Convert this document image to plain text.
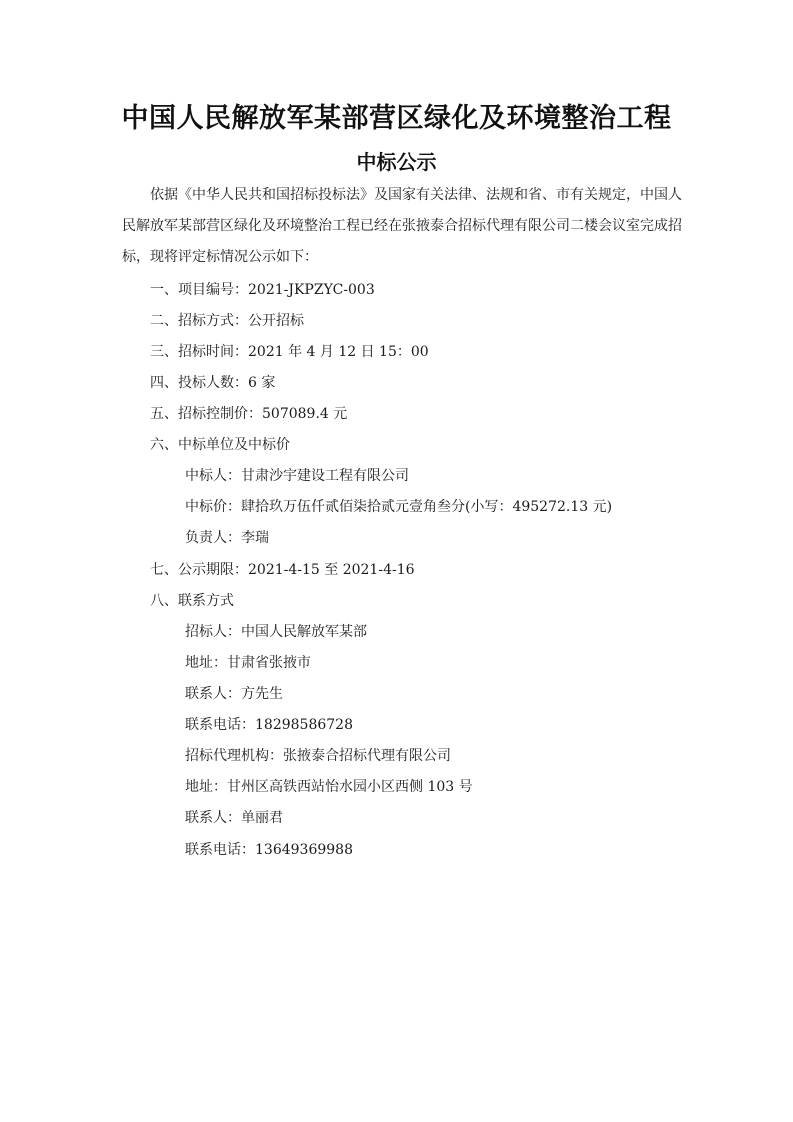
中国人民解放军某部营区绿化及环境整治工程
中标公示
依据《中华人民共和国招标投标法》及国家有关法律、法规和省、市有关规定，中国人民解放军某部营区绿化及环境整治工程已经在张掖泰合招标代理有限公司二楼会议室完成招标，现将评定标情况公示如下：
一、项目编号：2021-JKPZYC-003
二、招标方式：公开招标
三、招标时间：2021 年 4 月 12 日 15：00
四、投标人数：6 家
五、招标控制价：507089.4 元
六、中标单位及中标价
中标人：甘肃沙宇建设工程有限公司
中标价：肆拾玖万伍仟贰佰柒拾贰元壹角叁分(小写：495272.13 元)
负责人：李瑞
七、公示期限：2021-4-15 至 2021-4-16
八、联系方式
招标人：中国人民解放军某部
地址：甘肃省张掖市
联系人：方先生
联系电话：18298586728
招标代理机构：张掖泰合招标代理有限公司
地址：甘州区高铁西站怡水园小区西侧 103 号
联系人：单丽君
联系电话：13649369988
